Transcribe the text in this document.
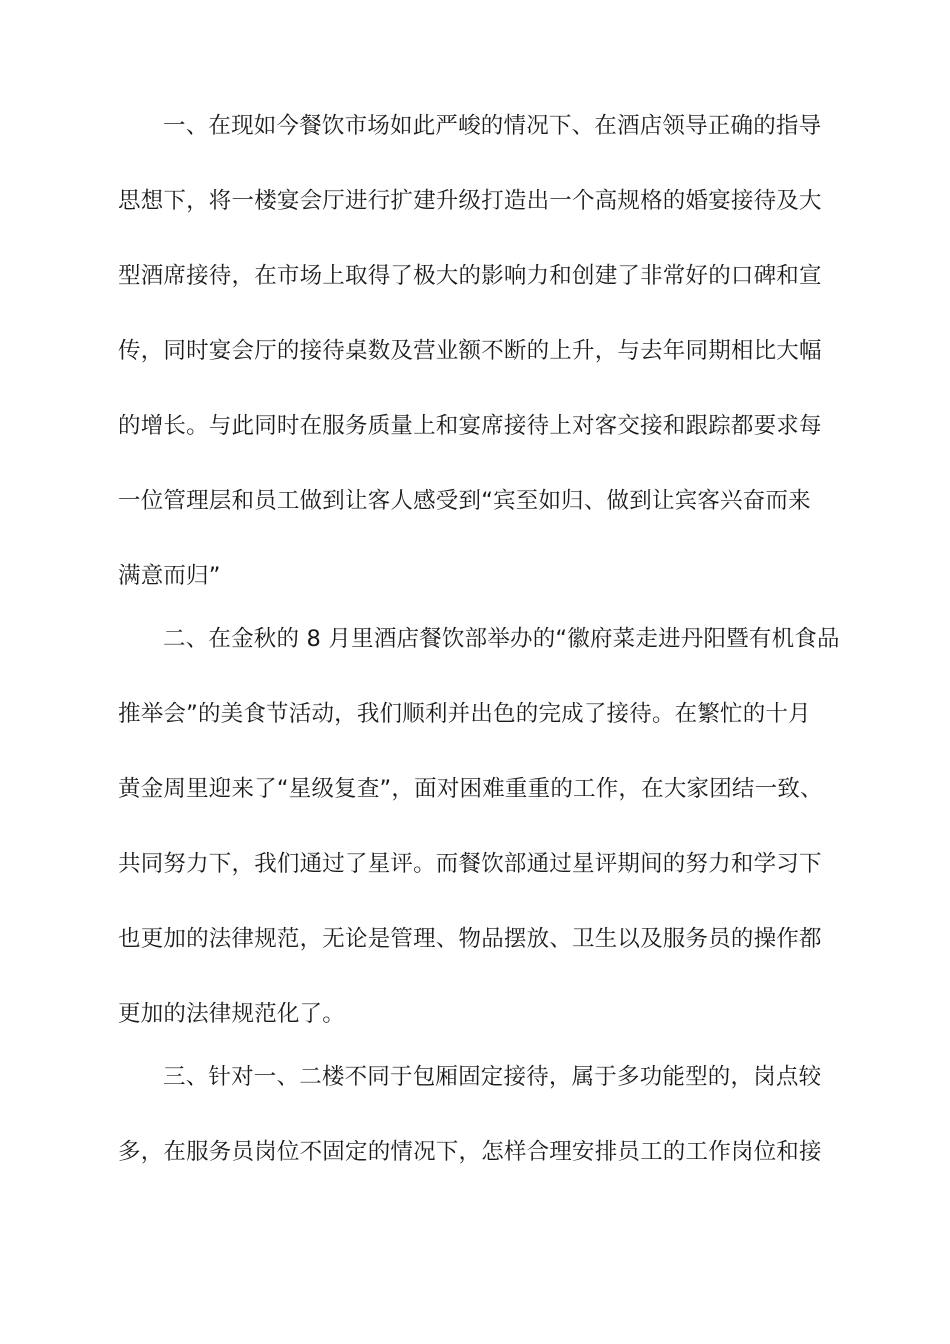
一、在现如今餐饮市场如此严峻的情况下、在酒店领导正确的指导
思想下，将一楼宴会厅进行扩建升级打造出一个高规格的婚宴接待及大
型酒席接待，在市场上取得了极大的影响力和创建了非常好的口碑和宣
传，同时宴会厅的接待桌数及营业额不断的上升，与去年同期相比大幅
的增长。与此同时在服务质量上和宴席接待上对客交接和跟踪都要求每
一位管理层和员工做到让客人感受到“宾至如归、做到让宾客兴奋而来
满意而归”
二、在金秋的 8 月里酒店餐饮部举办的“徽府菜走进丹阳暨有机食品
推举会”的美食节活动，我们顺利并出色的完成了接待。在繁忙的十月
黄金周里迎来了“星级复查”，面对困难重重的工作，在大家团结一致、
共同努力下，我们通过了星评。而餐饮部通过星评期间的努力和学习下
也更加的法律规范，无论是管理、物品摆放、卫生以及服务员的操作都
更加的法律规范化了。
三、针对一、二楼不同于包厢固定接待，属于多功能型的，岗点较
多，在服务员岗位不固定的情况下，怎样合理安排员工的工作岗位和接
